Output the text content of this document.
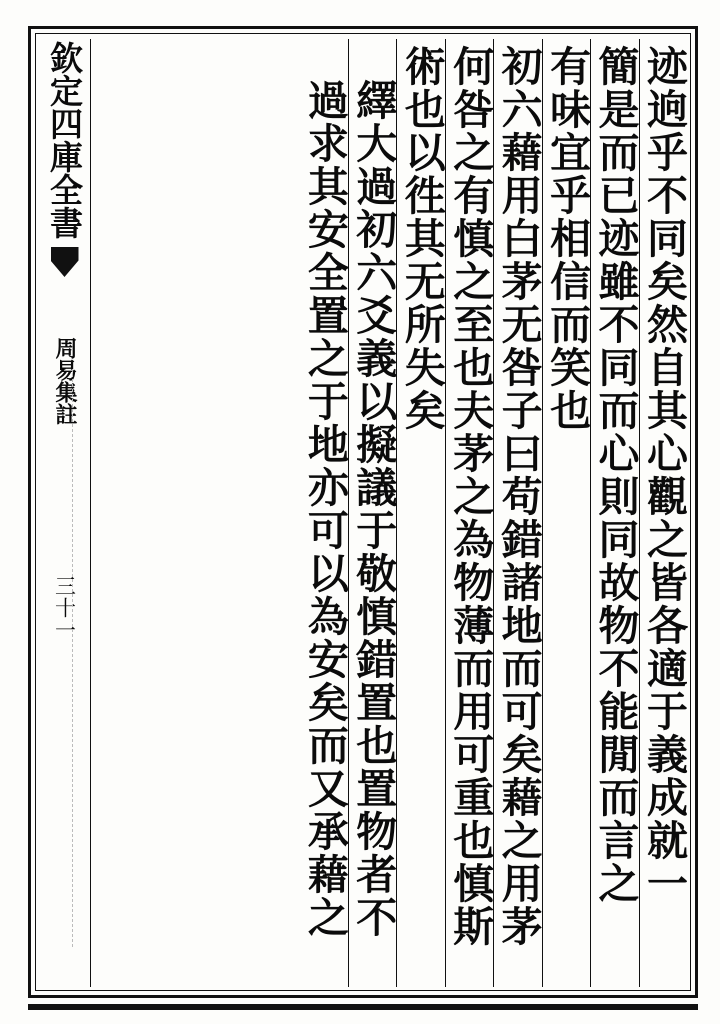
欽定四庫全書
周易集註
三十一	迹逈乎不同矣然自其心觀之皆各適于義成就一
簡是而已迹雖不同而心則同故物不能閒而言之
有味宜乎相信而笑也
初六藉用白茅无咎子曰苟錯諸地而可矣藉之用茅
何咎之有慎之至也夫茅之為物薄而用可重也慎斯
術也以徃其无所失矣
繹大過初六爻義以擬議于敬慎錯置也置物者不
過求其安全置之于地亦可以為安矣而又承藉之
